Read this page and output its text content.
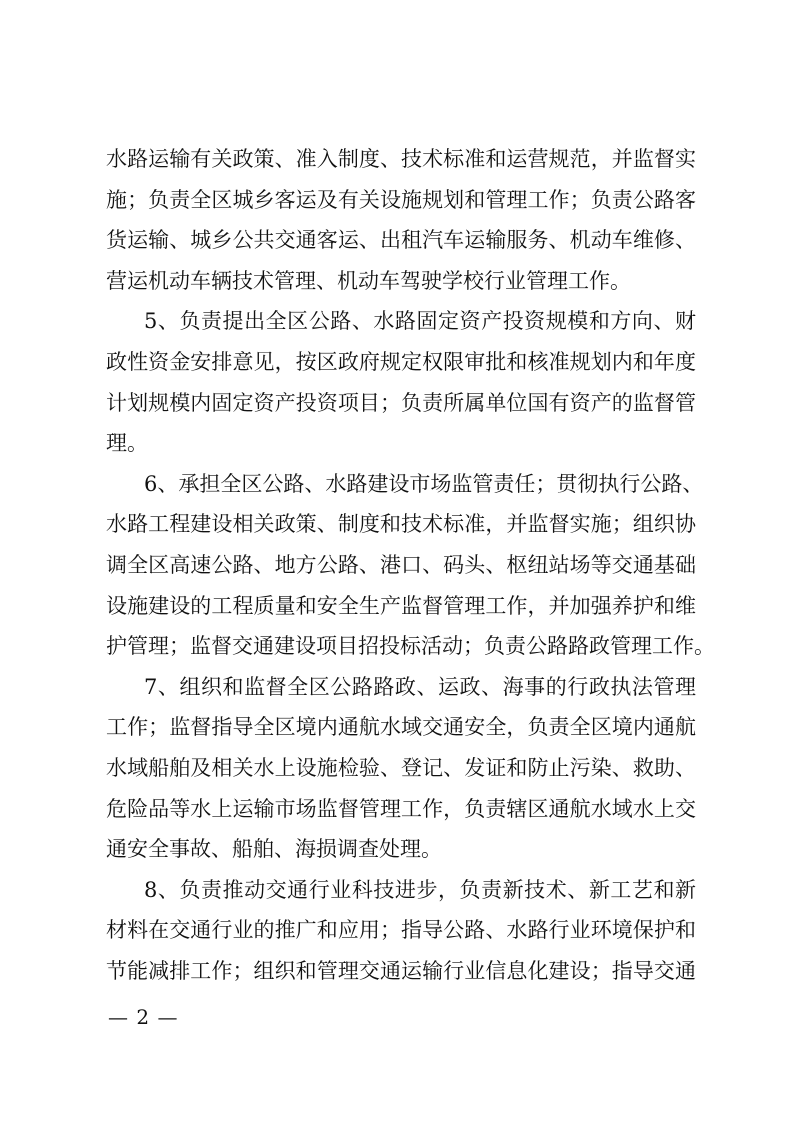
水路运输有关政策、准入制度、技术标准和运营规范，并监督实
施；负责全区城乡客运及有关设施规划和管理工作；负责公路客
货运输、城乡公共交通客运、出租汽车运输服务、机动车维修、
营运机动车辆技术管理、机动车驾驶学校行业管理工作。
5、负责提出全区公路、水路固定资产投资规模和方向、财
政性资金安排意见，按区政府规定权限审批和核准规划内和年度
计划规模内固定资产投资项目；负责所属单位国有资产的监督管
理。
6、承担全区公路、水路建设市场监管责任；贯彻执行公路、
水路工程建设相关政策、制度和技术标准，并监督实施；组织协
调全区高速公路、地方公路、港口、码头、枢纽站场等交通基础
设施建设的工程质量和安全生产监督管理工作，并加强养护和维
护管理；监督交通建设项目招投标活动；负责公路路政管理工作。
7、组织和监督全区公路路政、运政、海事的行政执法管理
工作；监督指导全区境内通航水域交通安全，负责全区境内通航
水域船舶及相关水上设施检验、登记、发证和防止污染、救助、
危险品等水上运输市场监督管理工作，负责辖区通航水域水上交
通安全事故、船舶、海损调查处理。
8、负责推动交通行业科技进步，负责新技术、新工艺和新
材料在交通行业的推广和应用；指导公路、水路行业环境保护和
节能减排工作；组织和管理交通运输行业信息化建设；指导交通
— 2 —
